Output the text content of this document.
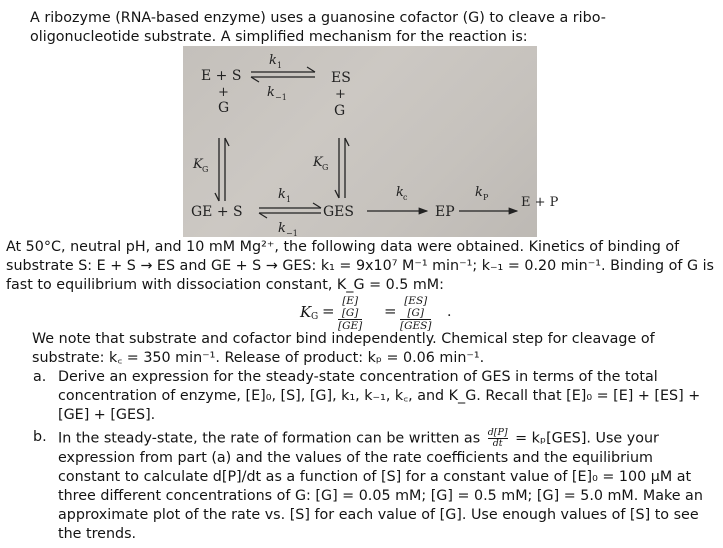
A ribozyme (RNA-based enzyme) uses a guanosine cofactor (G) to cleave a ribo-
oligonucleotide substrate. A simplified mechanism for the reaction is:
E + S
k 1
k −1
ES
+
G
+
G
K G	K G
GE + S
k 1
k −1
GES
k c
EP
k P	E + P
At 50°C, neutral pH, and 10 mM Mg²⁺, the following data were obtained. Kinetics of binding of
substrate S: E + S → ES and GE + S → GES: k₁ = 9x10⁷ M⁻¹ min⁻¹; k₋₁ = 0.20 min⁻¹. Binding of G is
fast to equilibrium with dissociation constant, K_G = 0.5 mM:
K $G = \frac{[E][G]}{[GE]}$ =
[ES][G]
[GES]
.
We note that substrate and cofactor bind independently. Chemical step for cleavage of
substrate: k꜀ = 350 min⁻¹. Release of product: kₚ = 0.06 min⁻¹.
a. Derive an expression for the steady-state concentration of GES in terms of the total
concentration of enzyme, [E]₀, [S], [G], k₁, k₋₁, k꜀, and K_G. Recall that [E]₀ = [E] + [ES] +
[GE] + [GES].
b. In the steady-state, the rate of formation can be written as $\frac{d[P]}{dt} = k_p[GES]$. Use your
expression from part (a) and the values of the rate coefficients and the equilibrium
constant to calculate d[P]/dt as a function of [S] for a constant value of [E]₀ = 100 μM at
three different concentrations of G: [G] = 0.05 mM; [G] = 0.5 mM; [G] = 5.0 mM. Make an
approximate plot of the rate vs. [S] for each value of [G]. Use enough values of [S] to see
the trends.
